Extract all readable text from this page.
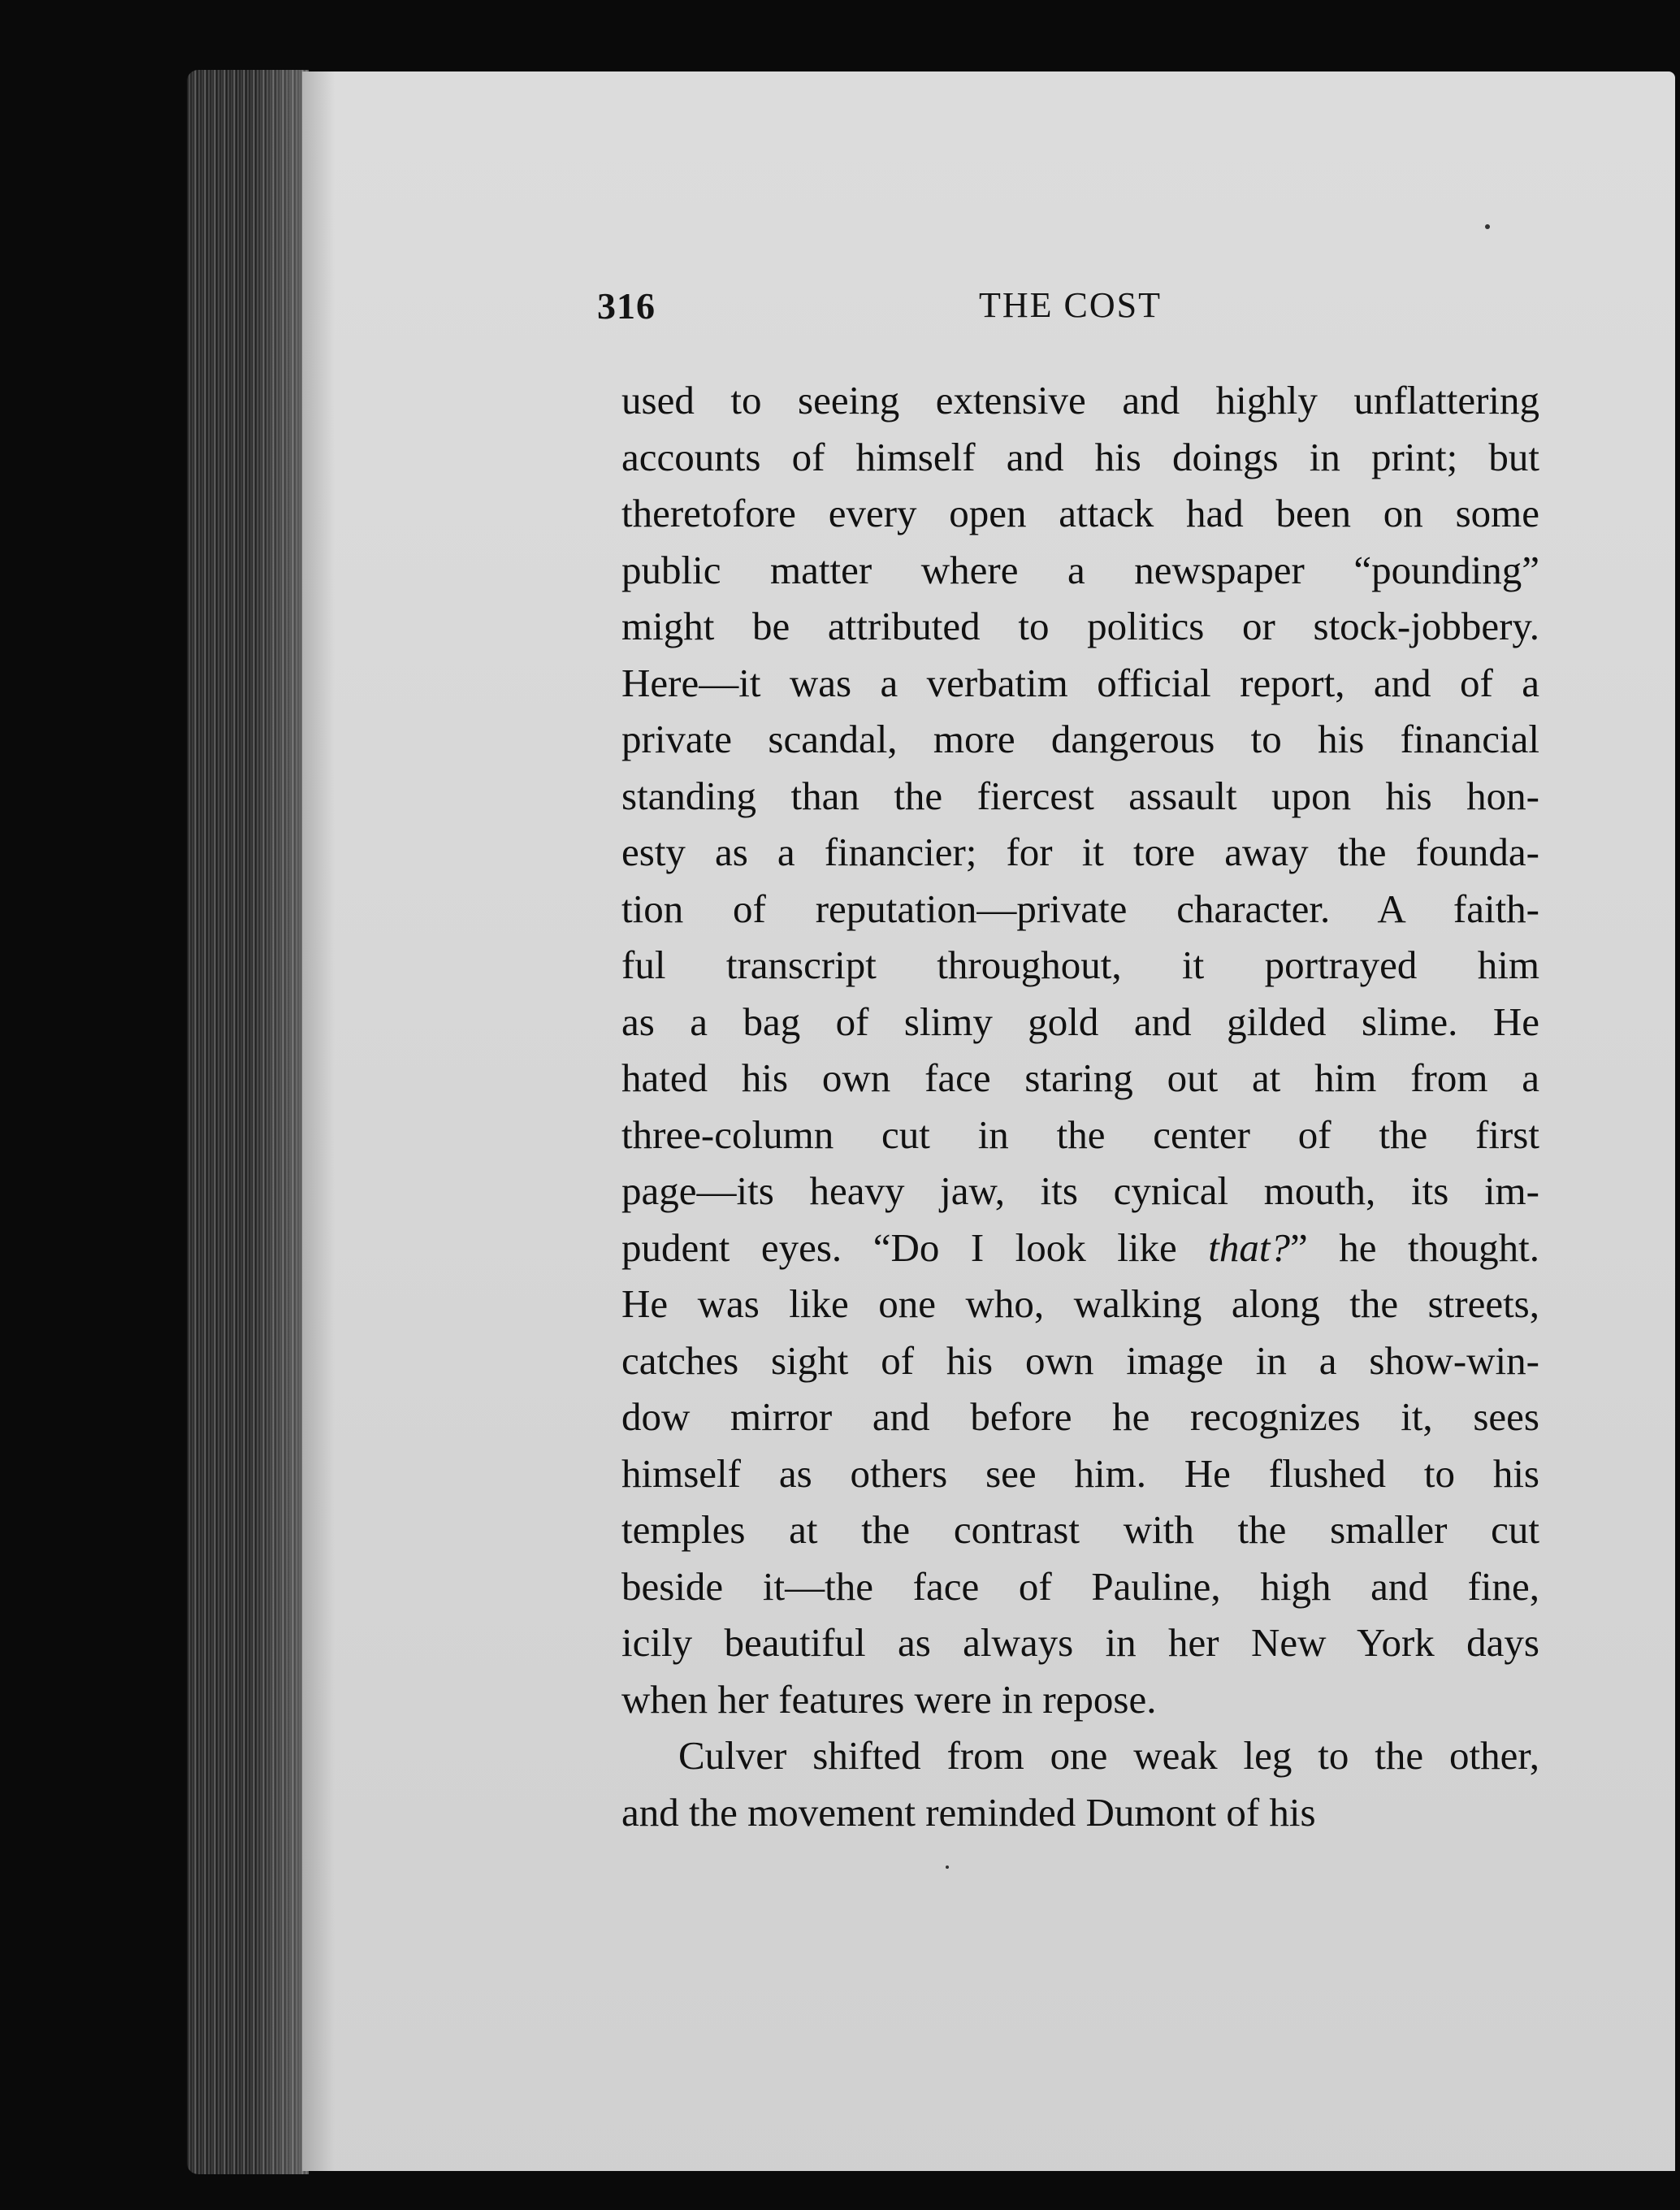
316	THE COST
used to seeing extensive and highly unflattering
accounts of himself and his doings in print; but
theretofore every open attack had been on some
public matter where a newspaper “pounding”
might be attributed to politics or stock-jobbery.
Here—it was a verbatim official report, and of a
private scandal, more dangerous to his financial
standing than the fiercest assault upon his hon-
esty as a financier; for it tore away the founda-
tion of reputation—private character. A faith-
ful transcript throughout, it portrayed him
as a bag of slimy gold and gilded slime. He
hated his own face staring out at him from a
three-column cut in the center of the first
page—its heavy jaw, its cynical mouth, its im-
pudent eyes. “Do I look like that?” he thought.
He was like one who, walking along the streets,
catches sight of his own image in a show-win-
dow mirror and before he recognizes it, sees
himself as others see him. He flushed to his
temples at the contrast with the smaller cut
beside it—the face of Pauline, high and fine,
icily beautiful as always in her New York days
when her features were in repose.
Culver shifted from one weak leg to the other,
and the movement reminded Dumont of his
